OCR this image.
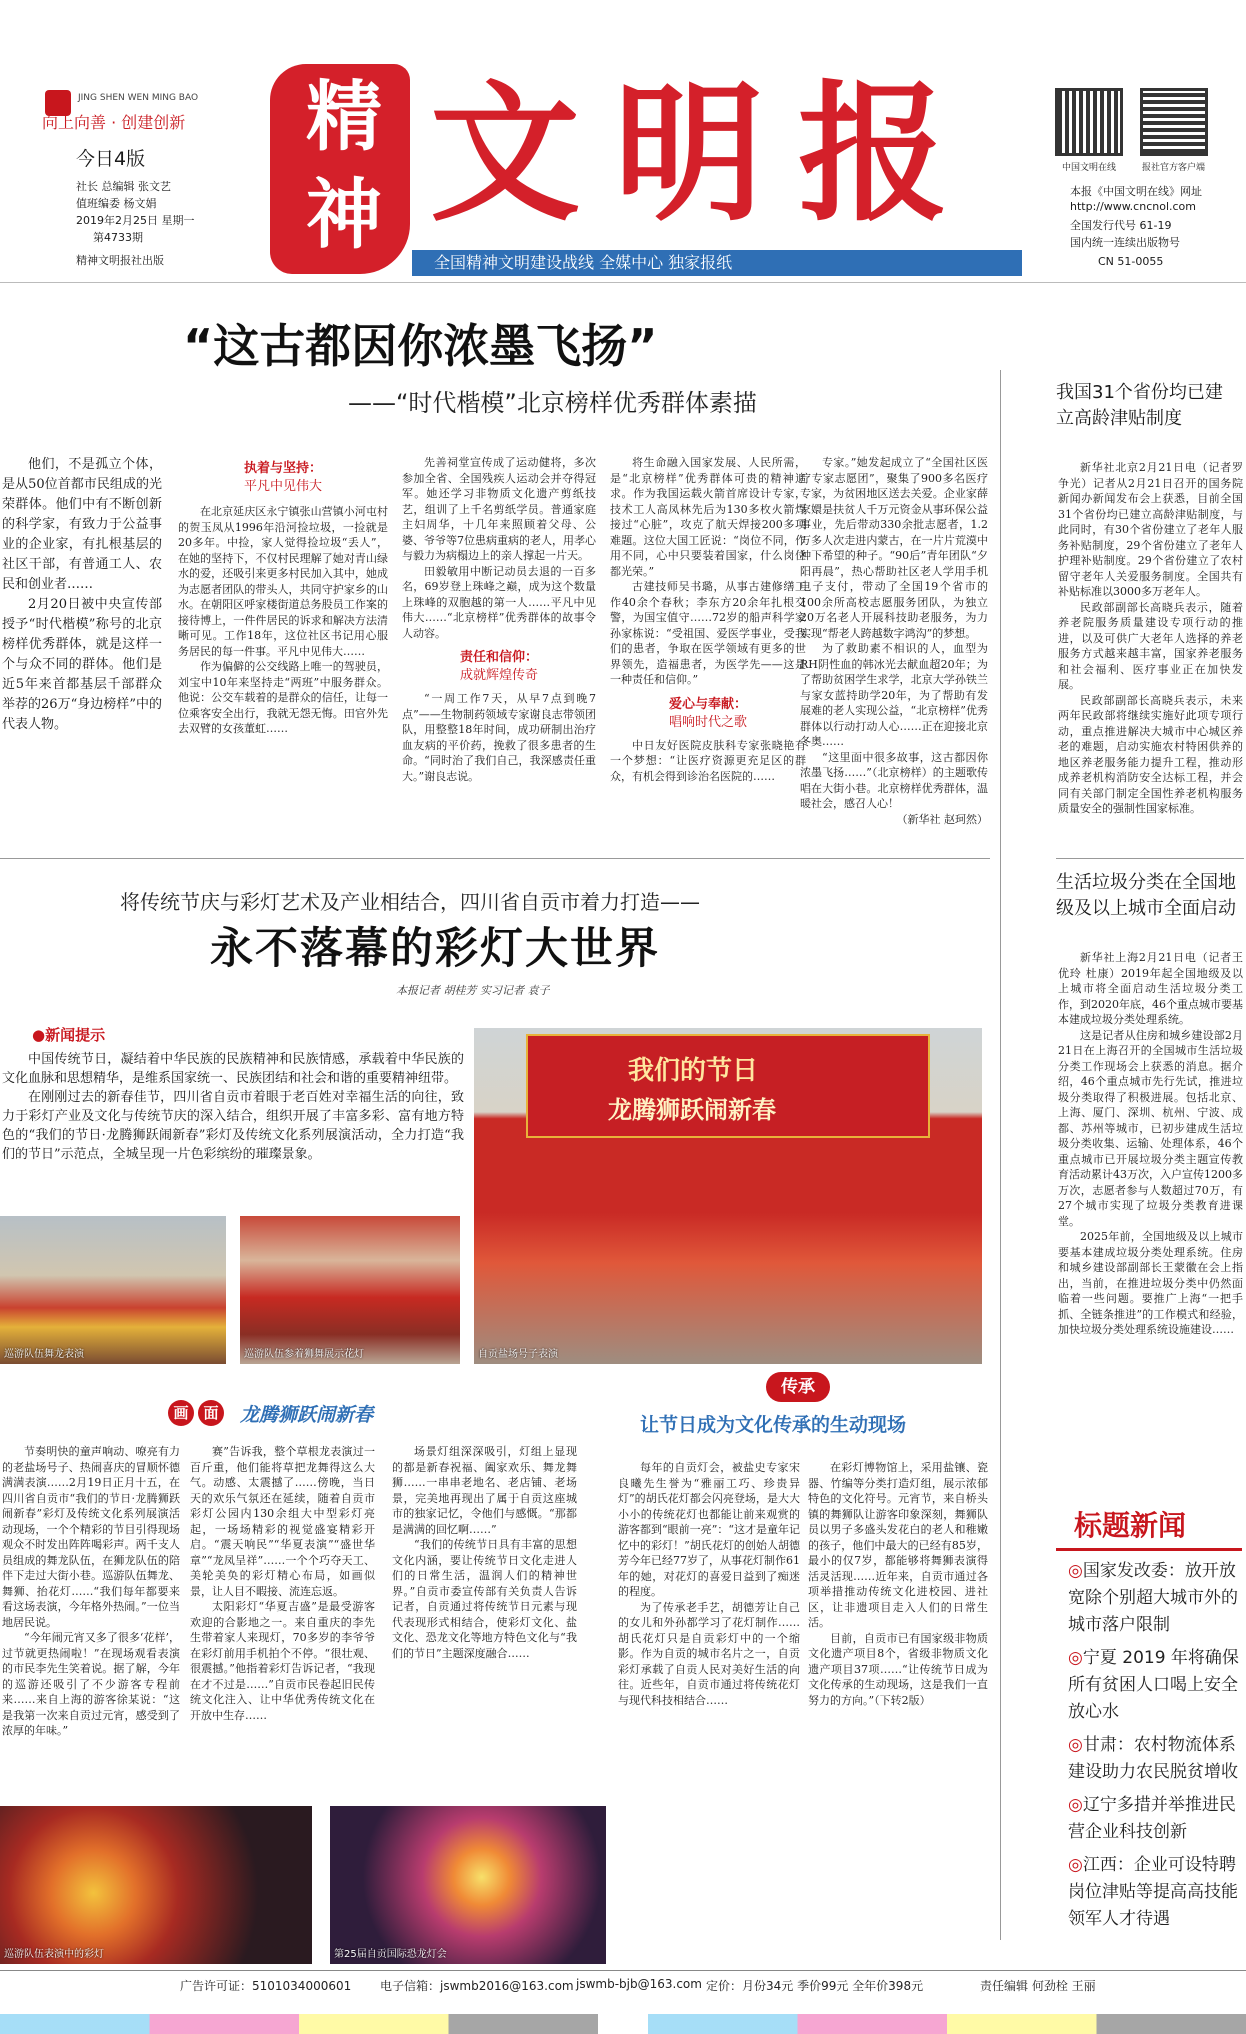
JING SHEN WEN MING BAO
向上向善 · 创建创新
今日4版
社长 总编辑 张文艺
值班编委 杨文娟
2019年2月25日 星期一
第4733期
精神文明报社出版
精
神 文明报
全国精神文明建设战线 全媒中心 独家报纸
中国文明在线	报社官方客户端
本报《中国文明在线》网址
http://www.cncnol.com
全国发行代号 61-19
国内统一连续出版物号
CN 51-0055
“这古都因你浓墨飞扬”
——“时代楷模”北京榜样优秀群体素描
他们，不是孤立个体，是从50位首都市民组成的光荣群体。他们中有不断创新的科学家，有致力于公益事业的企业家，有扎根基层的社区干部，有普通工人、农民和创业者……
2月20日被中央宣传部授予“时代楷模”称号的北京榜样优秀群体，就是这样一个与众不同的群体。他们是近5年来首都基层千部群众举荐的26万“身边榜样”中的代表人物。
执着与坚持：
平凡中见伟大
在北京延庆区永宁镇张山营镇小河屯村的贺玉凤从1996年沿河捡垃圾，一捡就是20多年。中捡，家人觉得捡垃圾“丢人”，在她的坚持下，不仅村民理解了她对青山绿水的爱，还吸引来更多村民加入其中，她成为志愿者团队的带头人，共同守护家乡的山水。在朝阳区呼家楼街道总务股员工作案的接待博上，一件件居民的诉求和解决方法清晰可见。工作18年，这位社区书记用心服务居民的每一件事。平凡中见伟大……
作为偏僻的公交线路上唯一的驾驶员，刘宝中10年来坚持走“两班”中服务群众。他说：公交车载着的是群众的信任，让每一位乘客安全出行，我就无怨无悔。田官外先去双臂的女孩董虹……
先善祠堂宣传成了运动健将，多次参加全省、全国残疾人运动会并夺得冠军。她还学习非物质文化遗产剪纸技艺，组训了上千名剪纸学员。普通家庭主妇周华，十几年来照顾着父母、公婆、爷爷等7位患病重病的老人，用孝心与毅力为病榻边上的亲人撑起一片天。
田毅敏用中断记动员去退的一百多名，69岁登上珠峰之巅，成为这个数量上珠峰的双胞越的第一人……平凡中见伟大……“北京榜样”优秀群体的故事令人动容。
责任和信仰：
成就辉煌传奇
“一周工作7天，从早7点到晚7点”——生物制药领域专家谢良志带领团队，用整整18年时间，成功研制出治疗血友病的平价药，挽救了很多患者的生命。“同时治了我们自己，我深感责任重大。”谢良志说。
将生命融入国家发展、人民所需，是“北京榜样”优秀群体可贵的精神追求。作为我国运载火箭首席设计专家，技术工人高凤林先后为130多枚火箭焊接过“心脏”，攻克了航天焊接200多项难题。这位大国工匠说：“岗位不同，作用不同，心中只要装着国家，什么岗位都光荣。”
古建技师吴书璐，从事古建修缮工作40余个春秋；李东方20余年扎根交警，为国宝值守……72岁的船声科学家孙家栋说：“受祖国、爱医学事业，受我们的患者，争取在医学领域有更多的世界领先，造福患者，为医学先——这是一种责任和信仰。”
爱心与奉献：
唱响时代之歌
中日友好医院皮肤科专家张晓艳有一个梦想：“让医疗资源更充足区的群众，有机会得到诊治名医院的……
专家。”她发起成立了“全国社区医疗专家志愿团”，聚集了900多名医疗专家，为贫困地区送去关爱。企业家薛家嬛是扶贫人千万元资金从事环保公益事业，先后带动330余批志愿者，1.2万多人次走进内蒙古，在一片片荒漠中种下希望的种子。“90后”青年团队“夕阳再晨”，热心帮助社区老人学用手机电子支付，带动了全国19个省市的100余所高校志愿服务团队，为独立20万名老人开展科技助老服务，为力实现“帮老人跨越数字鸿沟”的梦想。
为了救助素不相识的人，血型为RH阴性血的韩冰光去献血超20年；为了帮助贫困学生求学，北京大学孙铁兰与家女蓝持助学20年，为了帮助有发展难的老人实现公益，“北京榜样”优秀群体以行动打动人心……正在迎接北京冬奥……
“这里面中很多故事，这古都因你浓墨飞扬……”（北京榜样）的主题歌传唱在大街小巷。北京榜样优秀群体，温暖社会，感召人心！
（新华社 赵珂然）
我国31个省份均已建立高龄津贴制度
新华社北京2月21日电（记者罗争光）记者从2月21日召开的国务院新闻办新闻发布会上获悉，目前全国31个省份均已建立高龄津贴制度，与此同时，有30个省份建立了老年人服务补贴制度，29个省份建立了老年人护理补贴制度。29个省份建立了农村留守老年人关爱服务制度。全国共有补贴标准以3000多万老年人。
民政部副部长高晓兵表示，随着养老院服务质量建设专项行动的推进，以及可供广大老年人选择的养老服务方式越来越丰富，国家养老服务和社会福利、医疗事业正在加快发展。
民政部副部长高晓兵表示，未来两年民政部将继续实施好此项专项行动，重点推进解决大城市中心城区养老的难题，启动实施农村特困供养的地区养老服务能力提升工程，推动形成养老机构消防安全达标工程，并会同有关部门制定全国性养老机构服务质量安全的强制性国家标准。
生活垃圾分类在全国地级及以上城市全面启动
新华社上海2月21日电（记者王优玲 杜康）2019年起全国地级及以上城市将全面启动生活垃圾分类工作，到2020年底，46个重点城市要基本建成垃圾分类处理系统。
这是记者从住房和城乡建设部2月21日在上海召开的全国城市生活垃圾分类工作现场会上获悉的消息。据介绍，46个重点城市先行先试，推进垃圾分类取得了积极进展。包括北京、上海、厦门、深圳、杭州、宁波、成都、苏州等城市，已初步建成生活垃圾分类收集、运输、处理体系，46个重点城市已开展垃圾分类主题宣传教育活动累计43万次，入户宣传1200多万次，志愿者参与人数超过70万，有27个城市实现了垃圾分类教育进课堂。
2025年前，全国地级及以上城市要基本建成垃圾分类处理系统。住房和城乡建设部副部长王蒙徽在会上指出，当前，在推进垃圾分类中仍然面临着一些问题。要推广上海“一把手抓、全链条推进”的工作模式和经验，加快垃圾分类处理系统设施建设……
标题新闻
◎国家发改委：放开放宽除个别超大城市外的城市落户限制
◎宁夏 2019 年将确保所有贫困人口喝上安全放心水
◎甘肃：农村物流体系建设助力农民脱贫增收
◎辽宁多措并举推进民营企业科技创新
◎江西：企业可设特聘岗位津贴等提高高技能领军人才待遇
将传统节庆与彩灯艺术及产业相结合，四川省自贡市着力打造——
永不落幕的彩灯大世界
本报记者 胡桂芳 实习记者 袁子
●新闻提示
中国传统节日，凝结着中华民族的民族精神和民族情感，承载着中华民族的文化血脉和思想精华，是维系国家统一、民族团结和社会和谐的重要精神纽带。
在刚刚过去的新春佳节，四川省自贡市着眼于老百姓对幸福生活的向往，致力于彩灯产业及文化与传统节庆的深入结合，组织开展了丰富多彩、富有地方特色的“我们的节日·龙腾狮跃闹新春”彩灯及传统文化系列展演活动，全力打造“我们的节日”示范点，全城呈现一片色彩缤纷的璀璨景象。
巡游队伍舞龙表演	巡游队伍参着狮舞展示花灯
我们的节日
龙腾狮跃闹新春
自贡盐场号子表演
画 面 龙腾狮跃闹新春
传承
让节日成为文化传承的生动现场
节奏明快的童声响动、嘹亮有力的老盐场号子、热闹喜庆的冒顺怀德满满表演……2月19日正月十五，在四川省自贡市“我们的节日·龙腾狮跃闹新春”彩灯及传统文化系列展演活动现场，一个个精彩的节目引得现场观众不时发出阵阵喝彩声。两千支人员组成的舞龙队伍，在狮龙队伍的陪伴下走过大街小巷。巡游队伍舞龙、舞狮、抬花灯……“我们每年都要来看这场表演，今年格外热闹。”一位当地居民说。
“今年闹元宵又多了很多‘花样’，过节就更热闹啦！”在现场观看表演的市民李先生笑着说。据了解，今年的巡游还吸引了不少游客专程前来……来自上海的游客徐某说：“这是我第一次来自贡过元宵，感受到了浓厚的年味。”
赛”告诉我，整个草根龙表演过一百斤重，他们能将草把龙舞得这么大气。动感、太震撼了……傍晚，当日天的欢乐气氛还在延续，随着自贡市彩灯公园内130余组大中型彩灯亮起，一场场精彩的视觉盛宴精彩开启。“震天响民”“华夏表演”“盛世华章”“龙凤呈祥”……一个个巧夺天工、美轮美奂的彩灯精心布局，如画似景，让人目不暇接、流连忘返。
太阳彩灯“华夏吉盛”是最受游客欢迎的合影地之一。来自重庆的李先生带着家人来现灯，70多岁的李爷爷在彩灯前用手机拍个不停。“很壮观、很震撼。”他指着彩灯告诉记者，“我现在才不过是……”自贡市民卷起旧民传统文化注入、让中华优秀传统文化在开放中生存……
场景灯组深深吸引，灯组上显现的都是新春祝福、阖家欢乐、舞龙舞狮……一串串老地名、老店铺、老场景，完美地再现出了属于自贡这座城市的独家记忆，令他们与感慨。“那都是满满的回忆啊……”
“我们的传统节日具有丰富的思想文化内涵，要让传统节日文化走进人们的日常生活，温润人们的精神世界。”自贡市委宣传部有关负责人告诉记者，自贡通过将传统节日元素与现代表现形式相结合，使彩灯文化、盐文化、恐龙文化等地方特色文化与“我们的节日”主题深度融合……
每年的自贡灯会，被盐史专家宋良曦先生誉为“雅丽工巧、珍贵异灯”的胡氏花灯都会闪亮登场，是大大小小的传统花灯也都能让前来观赏的游客都到“眼前一亮”：“这才是童年记忆中的彩灯！”胡氏花灯的创始人胡德芳今年已经77岁了，从事花灯制作61年的她，对花灯的喜爱日益到了痴迷的程度。
为了传承老手艺，胡德芳让自己的女儿和外孙都学习了花灯制作……胡氏花灯只是自贡彩灯中的一个缩影。作为自贡的城市名片之一，自贡彩灯承载了自贡人民对美好生活的向往。近些年，自贡市通过将传统花灯与现代科技相结合……
在彩灯博物馆上，采用盐镶、瓷器、竹编等分类打造灯组，展示浓郁特色的文化符号。元宵节，来自桥头镇的舞狮队让游客印象深刻，舞狮队员以男子多盛头发花白的老人和稚嫩的孩子，他们中最大的已经有85岁，最小的仅7岁，都能够将舞狮表演得活灵活现……近年来，自贡市通过各项举措推动传统文化进校园、进社区，让非遗项目走入人们的日常生活。
目前，自贡市已有国家级非物质文化遗产项目8个，省级非物质文化遗产项目37项……“让传统节日成为文化传承的生动现场，这是我们一直努力的方向。”（下转2版）
巡游队伍表演中的彩灯	第25届自贡国际恐龙灯会
广告许可证：5101034000601 电子信箱：jswmb2016@163.com jswmb-bjb@163.com 定价：月份34元 季价99元 全年价398元	责任编辑 何劲栓 王丽
